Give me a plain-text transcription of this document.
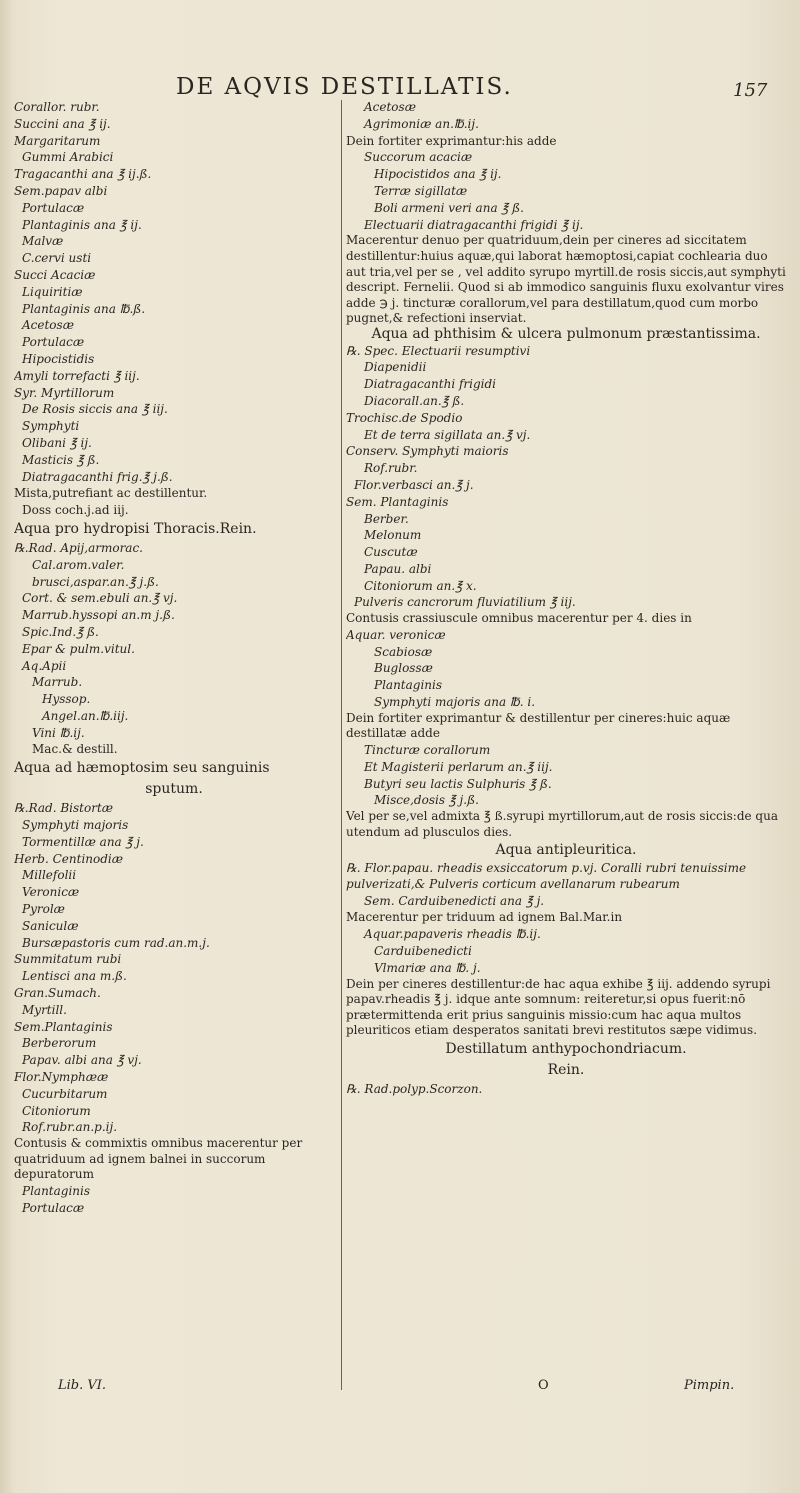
DE AQVIS DESTILLATIS.	157
Corallor. rubr.
Succini ana ℥ ij.
Margaritarum
Gummi Arabici
Tragacanthi ana ℥ ij.ß.
Sem.papav albi
Portulacæ
Plantaginis ana ℥ ij.
Malvæ
C.cervi usti
Succi Acaciæ
Liquiritiæ
Plantaginis ana ℔.ß.
Acetosæ
Portulacæ
Hipocistidis
Amyli torrefacti ℥ iij.
Syr. Myrtillorum
De Rosis siccis ana ℥ iij.
Symphyti
Olibani ℥ ij.
Masticis ℥ ß.
Diatragacanthi frig.℥ j.ß.
Mista,putrefiant ac destillentur.
Doss coch.j.ad iij.
Aqua pro hydropisi Thoracis.Rein.
℞.Rad. Apij,armorac.
Cal.arom.valer.
brusci,aspar.an.℥ j.ß.
Cort. & sem.ebuli an.℥ vj.
Marrub.hyssopi an.m j.ß.
Spic.Ind.℥ ß.
Epar & pulm.vitul.
Aq.Apii
Marrub.
Hyssop.
Angel.an.℔.iij.
Vini ℔.ij.
Mac.& destill.
Aqua ad hæmoptosim seu sanguinis
sputum.
℞.Rad. Bistortæ
Symphyti majoris
Tormentillæ ana ℥ j.
Herb. Centinodiæ
Millefolii
Veronicæ
Pyrolæ
Saniculæ
Bursæpastoris cum rad.an.m.j.
Summitatum rubi
Lentisci ana m.ß.
Gran.Sumach.
Myrtill.
Sem.Plantaginis
Berberorum
Papav. albi ana ℥ vj.
Flor.Nymphææ
Cucurbitarum
Citoniorum
Rof.rubr.an.p.ij.
Contusis & commixtis omnibus macerentur per quatriduum ad ignem balnei in succorum depuratorum
Plantaginis
Portulacæ
Acetosæ
Agrimoniæ an.℔.ij.
Dein fortiter exprimantur:his adde
Succorum acaciæ
Hipocistidos ana ℥ ij.
Terræ sigillatæ
Boli armeni veri ana ℥ ß.
Electuarii diatragacanthi frigidi ℥ ij.
Macerentur denuo per quatriduum,dein per cineres ad siccitatem destillentur:huius aquæ,qui laborat hæmoptosi,capiat cochlearia duo aut tria,vel per se , vel addito syrupo myrtill.de rosis siccis,aut symphyti descript. Fernelii. Quod si ab immodico sanguinis fluxu exolvantur vires adde ℈ j. tincturæ corallorum,vel para destillatum,quod cum morbo pugnet,& refectioni inserviat.
Aqua ad phthisim & ulcera pulmonum præstantissima.
℞. Spec. Electuarii resumptivi
Diapenidii
Diatragacanthi frigidi
Diacorall.an.℥ ß.
Trochisc.de Spodio
Et de terra sigillata an.℥ vj.
Conserv. Symphyti maioris
Rof.rubr.
Flor.verbasci an.℥ j.
Sem. Plantaginis
Berber.
Melonum
Cuscutæ
Papau. albi
Citoniorum an.℥ x.
Pulveris cancrorum fluviatilium ℥ iij.
Contusis crassiuscule omnibus macerentur per 4. dies in
Aquar. veronicæ
Scabiosæ
Buglossæ
Plantaginis
Symphyti majoris ana ℔. i.
Dein fortiter exprimantur & destillentur per cineres:huic aquæ destillatæ adde
Tincturæ corallorum
Et Magisterii perlarum an.℥ iij.
Butyri seu lactis Sulphuris ℥ ß.
Misce,dosis ℥ j.ß.
Vel per se,vel admixta ℥ ß.syrupi myrtillorum,aut de rosis siccis:de qua utendum ad plusculos dies.
Aqua antipleuritica.
℞. Flor.papau. rheadis exsiccatorum p.vj. Coralli rubri tenuissime pulverizati,& Pulveris corticum avellanarum rubearum
Sem. Carduibenedicti ana ℥ j.
Macerentur per triduum ad ignem Bal.Mar.in
Aquar.papaveris rheadis ℔.ij.
Carduibenedicti
Vlmariæ ana ℔. j.
Dein per cineres destillentur:de hac aqua exhibe ℥ iij. addendo syrupi papav.rheadis ℥ j. idque ante somnum: reiteretur,si opus fuerit:nō prætermittenda erit prius sanguinis missio:cum hac aqua multos pleuriticos etiam desperatos sanitati brevi restitutos sæpe vidimus.
Destillatum anthypochondriacum.
Rein.
℞. Rad.polyp.Scorzon.
Lib. VI.	O	Pimpin.
